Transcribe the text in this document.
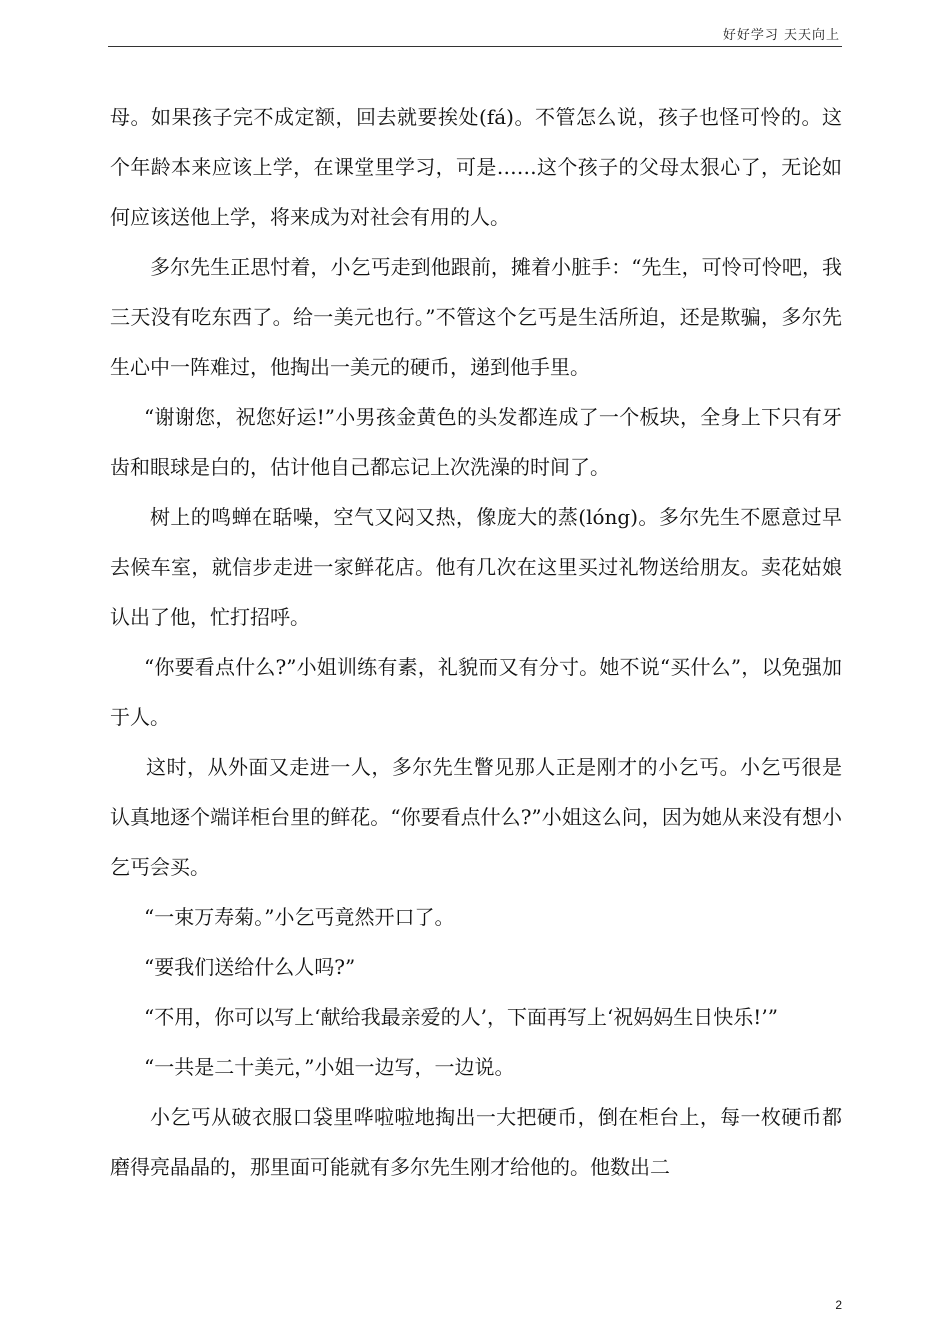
好好学习 天天向上

母。如果孩子完不成定额，回去就要挨处(fá)。不管怎么说，孩子也怪可怜的。这个年龄本来应该上学，在课堂里学习，可是……这个孩子的父母太狠心了，无论如何应该送他上学，将来成为对社会有用的人。

多尔先生正思忖着，小乞丐走到他跟前，摊着小脏手：“先生，可怜可怜吧，我三天没有吃东西了。给一美元也行。”不管这个乞丐是生活所迫，还是欺骗，多尔先生心中一阵难过，他掏出一美元的硬币，递到他手里。

“谢谢您，祝您好运!”小男孩金黄色的头发都连成了一个板块，全身上下只有牙齿和眼球是白的，估计他自己都忘记上次洗澡的时间了。

树上的鸣蝉在聒噪，空气又闷又热，像庞大的蒸(lóng)。多尔先生不愿意过早去候车室，就信步走进一家鲜花店。他有几次在这里买过礼物送给朋友。卖花姑娘认出了他，忙打招呼。

“你要看点什么?”小姐训练有素，礼貌而又有分寸。她不说“买什么”，以免强加于人。

这时，从外面又走进一人，多尔先生瞥见那人正是刚才的小乞丐。小乞丐很是认真地逐个端详柜台里的鲜花。“你要看点什么?”小姐这么问，因为她从来没有想小乞丐会买。

“一束万寿菊。”小乞丐竟然开口了。

“要我们送给什么人吗?”

“不用，你可以写上‘献给我最亲爱的人’，下面再写上‘祝妈妈生日快乐!’”

“一共是二十美元，”小姐一边写，一边说。

小乞丐从破衣服口袋里哗啦啦地掏出一大把硬币，倒在柜台上，每一枚硬币都磨得亮晶晶的，那里面可能就有多尔先生刚才给他的。他数出二

2
